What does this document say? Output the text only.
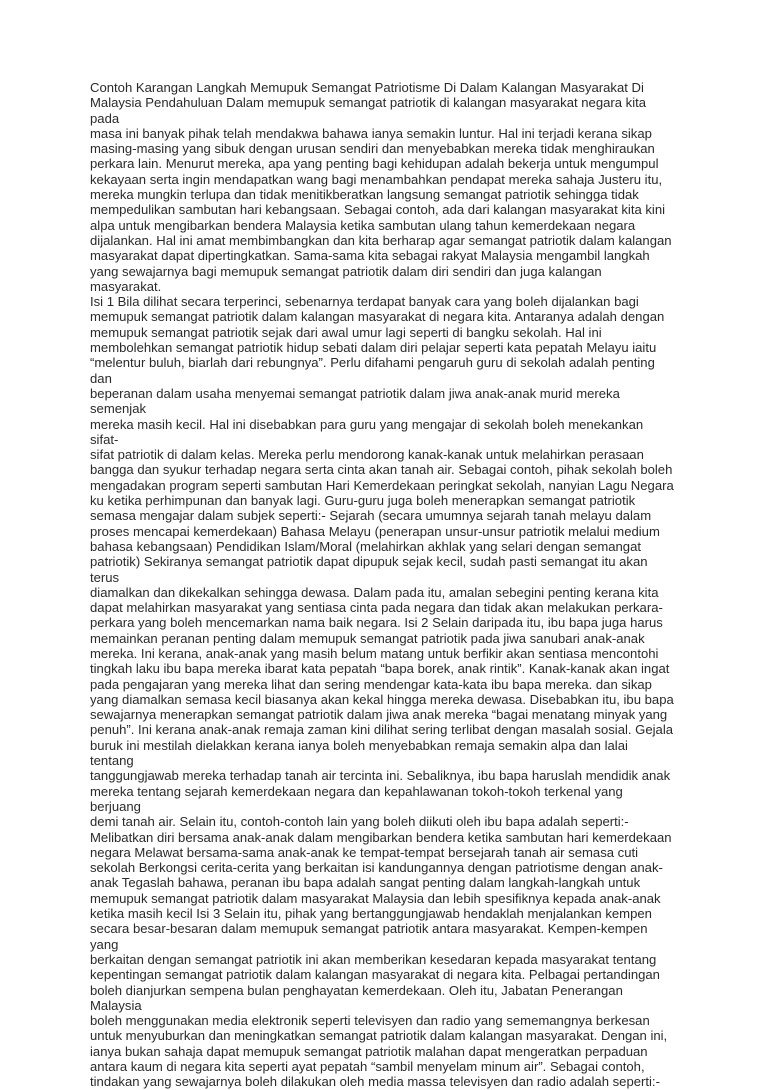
Contoh Karangan Langkah Memupuk Semangat Patriotisme Di Dalam Kalangan Masyarakat Di
Malaysia Pendahuluan Dalam memupuk semangat patriotik di kalangan masyarakat negara kita pada
masa ini banyak pihak telah mendakwa bahawa ianya semakin luntur. Hal ini terjadi kerana sikap
masing-masing yang sibuk dengan urusan sendiri dan menyebabkan mereka tidak menghiraukan
perkara lain. Menurut mereka, apa yang penting bagi kehidupan adalah bekerja untuk mengumpul
kekayaan serta ingin mendapatkan wang bagi menambahkan pendapat mereka sahaja Justeru itu,
mereka mungkin terlupa dan tidak menitikberatkan langsung semangat patriotik sehingga tidak
mempedulikan sambutan hari kebangsaan. Sebagai contoh, ada dari kalangan masyarakat kita kini
alpa untuk mengibarkan bendera Malaysia ketika sambutan ulang tahun kemerdekaan negara
dijalankan. Hal ini amat membimbangkan dan kita berharap agar semangat patriotik dalam kalangan
masyarakat dapat dipertingkatkan. Sama-sama kita sebagai rakyat Malaysia mengambil langkah
yang sewajarnya bagi memupuk semangat patriotik dalam diri sendiri dan juga kalangan masyarakat.
Isi 1 Bila dilihat secara terperinci, sebenarnya terdapat banyak cara yang boleh dijalankan bagi
memupuk semangat patriotik dalam kalangan masyarakat di negara kita. Antaranya adalah dengan
memupuk semangat patriotik sejak dari awal umur lagi seperti di bangku sekolah. Hal ini
membolehkan semangat patriotik hidup sebati dalam diri pelajar seperti kata pepatah Melayu iaitu
“melentur buluh, biarlah dari rebungnya”. Perlu difahami pengaruh guru di sekolah adalah penting dan
beperanan dalam usaha menyemai semangat patriotik dalam jiwa anak-anak murid mereka semenjak
mereka masih kecil. Hal ini disebabkan para guru yang mengajar di sekolah boleh menekankan sifat-
sifat patriotik di dalam kelas. Mereka perlu mendorong kanak-kanak untuk melahirkan perasaan
bangga dan syukur terhadap negara serta cinta akan tanah air. Sebagai contoh, pihak sekolah boleh
mengadakan program seperti sambutan Hari Kemerdekaan peringkat sekolah, nanyian Lagu Negara
ku ketika perhimpunan dan banyak lagi. Guru-guru juga boleh menerapkan semangat patriotik
semasa mengajar dalam subjek seperti:- Sejarah (secara umumnya sejarah tanah melayu dalam
proses mencapai kemerdekaan) Bahasa Melayu (penerapan unsur-unsur patriotik melalui medium
bahasa kebangsaan) Pendidikan Islam/Moral (melahirkan akhlak yang selari dengan semangat
patriotik) Sekiranya semangat patriotik dapat dipupuk sejak kecil, sudah pasti semangat itu akan terus
diamalkan dan dikekalkan sehingga dewasa. Dalam pada itu, amalan sebegini penting kerana kita
dapat melahirkan masyarakat yang sentiasa cinta pada negara dan tidak akan melakukan perkara-
perkara yang boleh mencemarkan nama baik negara. Isi 2 Selain daripada itu, ibu bapa juga harus
memainkan peranan penting dalam memupuk semangat patriotik pada jiwa sanubari anak-anak
mereka. Ini kerana, anak-anak yang masih belum matang untuk berfikir akan sentiasa mencontohi
tingkah laku ibu bapa mereka ibarat kata pepatah “bapa borek, anak rintik”. Kanak-kanak akan ingat
pada pengajaran yang mereka lihat dan sering mendengar kata-kata ibu bapa mereka. dan sikap
yang diamalkan semasa kecil biasanya akan kekal hingga mereka dewasa. Disebabkan itu, ibu bapa
sewajarnya menerapkan semangat patriotik dalam jiwa anak mereka “bagai menatang minyak yang
penuh”. Ini kerana anak-anak remaja zaman kini dilihat sering terlibat dengan masalah sosial. Gejala
buruk ini mestilah dielakkan kerana ianya boleh menyebabkan remaja semakin alpa dan lalai tentang
tanggungjawab mereka terhadap tanah air tercinta ini. Sebaliknya, ibu bapa haruslah mendidik anak
mereka tentang sejarah kemerdekaan negara dan kepahlawanan tokoh-tokoh terkenal yang berjuang
demi tanah air. Selain itu, contoh-contoh lain yang boleh diikuti oleh ibu bapa adalah seperti:-
Melibatkan diri bersama anak-anak dalam mengibarkan bendera ketika sambutan hari kemerdekaan
negara Melawat bersama-sama anak-anak ke tempat-tempat bersejarah tanah air semasa cuti
sekolah Berkongsi cerita-cerita yang berkaitan isi kandungannya dengan patriotisme dengan anak-
anak Tegaslah bahawa, peranan ibu bapa adalah sangat penting dalam langkah-langkah untuk
memupuk semangat patriotik dalam masyarakat Malaysia dan lebih spesifiknya kepada anak-anak
ketika masih kecil Isi 3 Selain itu, pihak yang bertanggungjawab hendaklah menjalankan kempen
secara besar-besaran dalam memupuk semangat patriotik antara masyarakat. Kempen-kempen yang
berkaitan dengan semangat patriotik ini akan memberikan kesedaran kepada masyarakat tentang
kepentingan semangat patriotik dalam kalangan masyarakat di negara kita. Pelbagai pertandingan
boleh dianjurkan sempena bulan penghayatan kemerdekaan. Oleh itu, Jabatan Penerangan Malaysia
boleh menggunakan media elektronik seperti televisyen dan radio yang sememangnya berkesan
untuk menyuburkan dan meningkatkan semangat patriotik dalam kalangan masyarakat. Dengan ini,
ianya bukan sahaja dapat memupuk semangat patriotik malahan dapat mengeratkan perpaduan
antara kaum di negara kita seperti ayat pepatah “sambil menyelam minum air”. Sebagai contoh,
tindakan yang sewajarnya boleh dilakukan oleh media massa televisyen dan radio adalah seperti:-
